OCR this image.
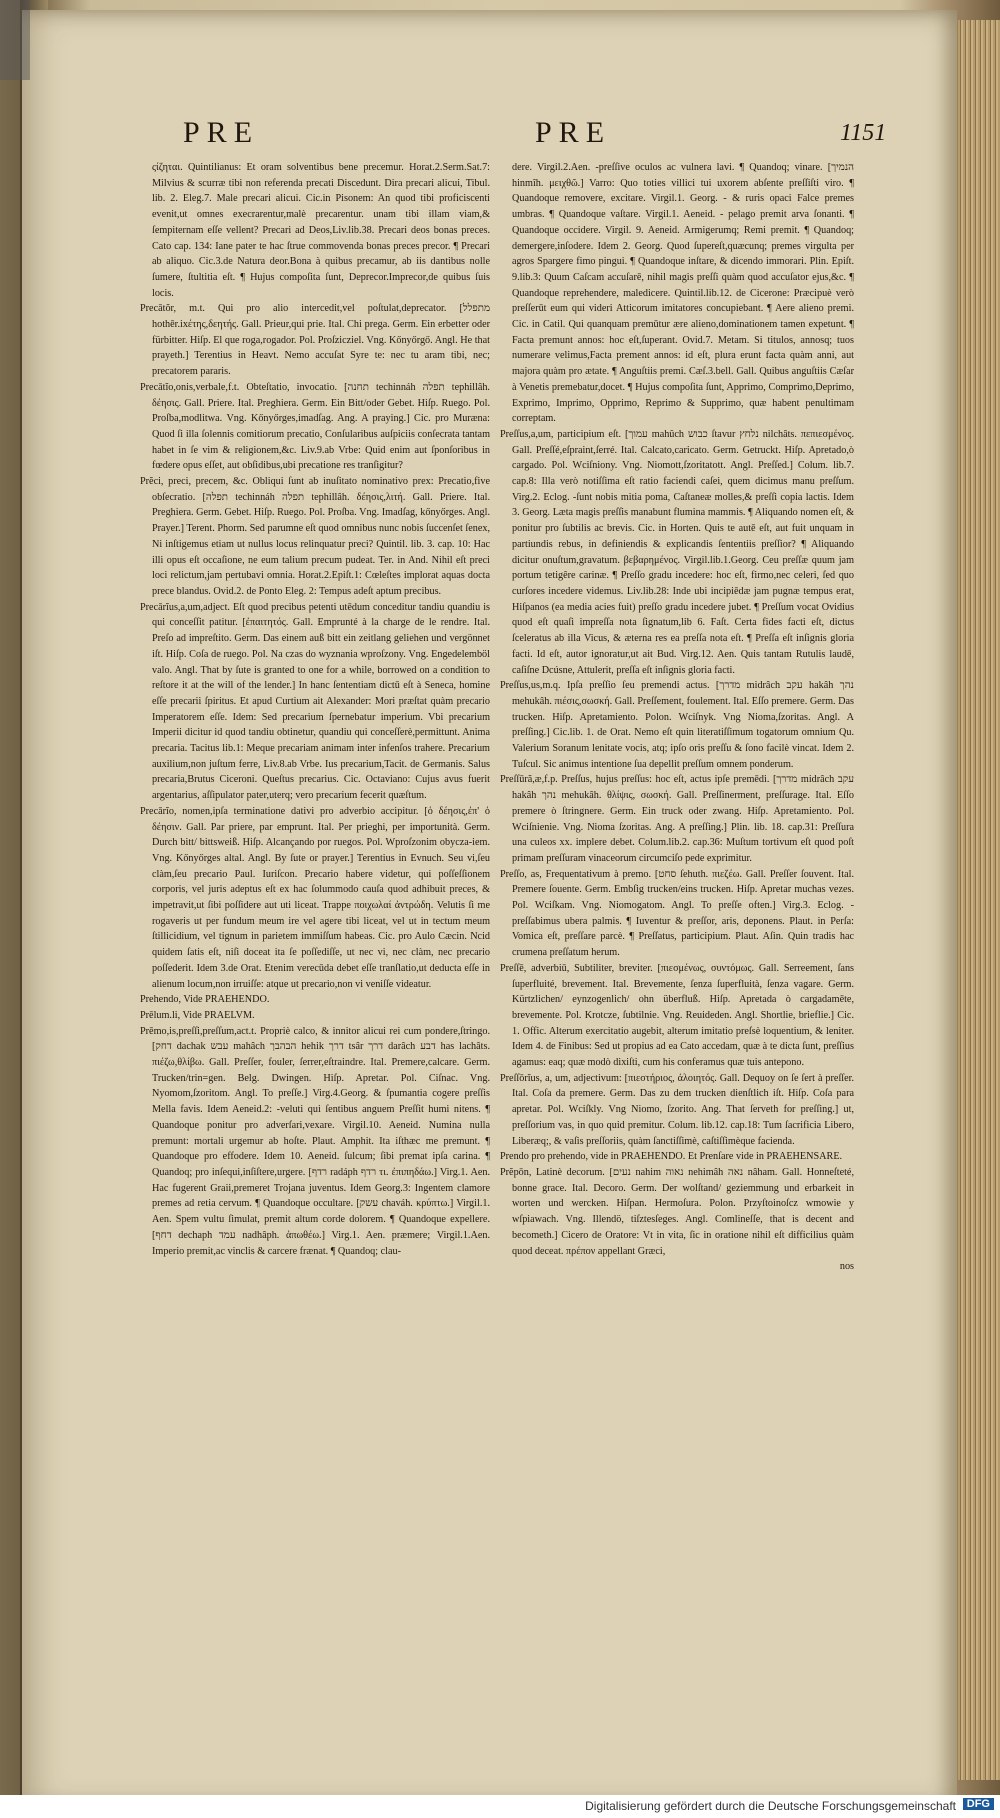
PRE	PRE	1151

ςίζηται. Quintilianus: Et oram solventibus bene precemur. Horat.2.Serm.Sat.7: Milvius & scurræ tibi non referenda precati Discedunt. Dira precari alicui, Tibul. lib. 2. Eleg.7. Male precari alicui. Cic.in Pisonem: An quod tibi proficiscenti evenit,ut omnes execrarentur,malè precarentur. unam tibi illam viam,& ſempiternam eſſe vellent? Precari ad Deos,Liv.lib.38. Precari deos bonas preces. Cato cap. 134: Iane pater te hac ſtrue commovenda bonas preces precor. ¶ Precari ab aliquo. Cic.3.de Natura deor.Bona à quibus precamur, ab iis dantibus nolle ſumere, ſtultitia eſt. ¶ Hujus compoſita ſunt, Deprecor.Imprecor,de quibus ſuis locis.

Precātŏr, m.t. Qui pro alio intercedit,vel poſtulat,deprecator. [מתפלל hothēr.ixέτης,δεητής. Gall. Prieur,qui prie. Ital. Chi prega. Germ. Ein erbetter oder fürbitter. Hiſp. El que roga,rogador. Pol. Proſzicziel. Vng. Kőnyőrgő. Angl. He that prayeth.] Terentius in Heavt. Nemo accuſat Syre te: nec tu aram tibi, nec; precatorem pararis.

Precātĭo,onis,verbale,f.t. Obteſtatio, invocatio. [תחנה techinnáh תפלה tephillâh. δέησις. Gall. Priere. Ital. Preghiera. Germ. Ein Bitt/oder Gebet. Hiſp. Ruego. Pol. Proſba,modlitwa. Vng. Kőnyőrges,imadſag. Ang. A praying.] Cic. pro Muræna: Quod ſi illa ſolennis comitiorum precatio, Conſularibus auſpiciis conſecrata tantam habet in ſe vim & religionem,&c. Liv.9.ab Vrbe: Quid enim aut ſponſoribus in fœdere opus eſſet, aut obſidibus,ubi precatione res tranſigitur?

Prĕci, preci, precem, &c. Obliqui ſunt ab inuſitato nominativo prex: Precatio,five obſecratio. [תפלה techinnáh תפלה tephillâh. δέησις,λιτή. Gall. Priere. Ital. Preghiera. Germ. Gebet. Hiſp. Ruego. Pol. Proſba. Vng. Imadſag, kőnyőrges. Angl. Prayer.] Terent. Phorm. Sed parumne eſt quod omnibus nunc nobis ſuccenſet ſenex, Ni inſtigemus etiam ut nullus locus relinquatur preci? Quintil. lib. 3. cap. 10: Hac illi opus eſt occaſione, ne eum talium precum pudeat. Ter. in And. Nihil eſt preci loci relictum,jam pertubavi omnia. Horat.2.Epiſt.1: Cœleſtes implorat aquas docta prece blandus. Ovid.2. de Ponto Eleg. 2: Tempus adeſt aptum precibus.

Precārĭus,a,um,adject. Eſt quod precibus petenti utēdum conceditur tandiu quandiu is qui conceſſit patitur. [ἐπαιτητός. Gall. Emprunté à la charge de le rendre. Ital. Preſo ad impreſtito. Germ. Das einem auß bitt ein zeitlang geliehen und vergönnet iſt. Hiſp. Coſa de ruego. Pol. Na czas do wyznania wproſzony. Vng. Engedelemböl valo. Angl. That by ſute is granted to one for a while, borrowed on a condition to reſtore it at the will of the lender.] In hanc ſententiam dictū eſt à Seneca, homine eſſe precarii ſpiritus. Et apud Curtium ait Alexander: Mori præſtat quàm precario Imperatorem eſſe. Idem: Sed precarium ſpernebatur imperium. Vbi precarium Imperii dicitur id quod tandiu obtinetur, quandiu qui conceſſerè,permittunt. Anima precaria. Tacitus lib.1: Meque precariam animam inter infenſos trahere. Precarium auxilium,non juſtum ferre, Liv.8.ab Vrbe. Ius precarium,Tacit. de Germanis. Salus precaria,Brutus Ciceroni. Queſtus precarius. Cic. Octaviano: Cujus avus fuerit argentarius, aſſipulator pater,uterq; vero precarium fecerit quæſtum.

Precārĭo, nomen,ipſa terminatione dativi pro adverbio accipitur. [ὁ δέησις,ἐπ' ὁ δέησιν. Gall. Par priere, par emprunt. Ital. Per prieghi, per importunità. Germ. Durch bitt/ bittsweiß. Hiſp. Alcançando por ruegos. Pol. Wproſzonim obycza-iem. Vng. Kőnyőrges altal. Angl. By ſute or prayer.] Terentius in Evnuch. Seu vi,ſeu clàm,ſeu precario Paul. Iuriſcon. Precario habere videtur, qui poſſeſſionem corporis, vel juris adeptus eſt ex hac ſolummodo cauſa quod adhibuit preces, & impetravit,ut ſibi poſſidere aut uti liceat. Trappe ποιχωλαί ἀντρώδη. Velutis ſi me rogaveris ut per fundum meum ire vel agere tibi liceat, vel ut in tectum meum ſtillicidium, vel tignum in parietem immiſſum habeas. Cic. pro Aulo Cæcin. Ncid quidem ſatis eſt, niſi doceat ita ſe poſſediſſe, ut nec vi, nec clàm, nec precario poſſederit. Idem 3.de Orat. Etenim verecūda debet eſſe tranſlatio,ut deducta eſſe in alienum locum,non irruiſſe: atque ut precario,non vi veniſſe videatur.

Prehendo, Vide PRAEHENDO.

Prēlum.li, Vide PRAELVM.

Prēmo,is,preſſi,preſſum,act.t. Propriè calco, & innitor alicui rei cum pondere,ſtringo. [דחק dachak עבש mahâch הבהבך hehik דרך tsâr דרך darâch דבע has lachâts. πιέζω,θλίβω. Gall. Preſſer, fouler, ſerrer,eſtraindre. Ital. Premere,calcare. Germ. Trucken/trin=gen. Belg. Dwingen. Hiſp. Apretar. Pol. Ciſnac. Vng. Nyomom,ſzoritom. Angl. To preſſe.] Virg.4.Georg. & ſpumantia cogere preſſis Mella favis. Idem Aeneid.2: -veluti qui ſentibus anguem Preſſit humi nitens. ¶ Quandoque ponitur pro adverſari,vexare. Virgil.10. Aeneid. Numina nulla premunt: mortali urgemur ab hoſte. Plaut. Amphit. Ita iſthæc me premunt. ¶ Quandoque pro effodere. Idem 10. Aeneid. ſulcum; ſibi premat ipſa carina. ¶ Quandoq; pro inſequi,inſiſtere,urgere. [רדף radáph רדף τι. ἐπιπηδάω.] Virg.1. Aen. Hac fugerent Graii,premeret Trojana juventus. Idem Georg.3: Ingentem clamore premes ad retia cervum. ¶ Quandoque occultare. [עשק chaváh. κρύπτω.] Virgil.1. Aen. Spem vultu ſimulat, premit altum corde dolorem. ¶ Quandoque expellere. [דחף dechaph עמד nadhâph. ἀπωθέω.] Virg.1. Aen. præmere; Virgil.1.Aen. Imperio premit,ac vinclis & carcere frænat. ¶ Quandoq; clau-

dere. Virgil.2.Aen. -preſſive oculos ac vulnera lavi. ¶ Quandoq; vinare. [הנמיך hinmîh. μειχθῶ.] Varro: Quo toties villici tui uxorem abſente preſſiſti viro. ¶ Quandoque removere, excitare. Virgil.1. Georg. - & ruris opaci Falce premes umbras. ¶ Quandoque vaſtare. Virgil.1. Aeneid. - pelago premit arva ſonanti. ¶ Quandoque occidere. Virgil. 9. Aeneid. Armigerumq; Remi premit. ¶ Quandoq; demergere,inſodere. Idem 2. Georg. Quod ſupereſt,quæcunq; premes virgulta per agros Spargere fimo pingui. ¶ Quandoque inſtare, & dicendo immorari. Plin. Epiſt. 9.lib.3: Quum Caſcam accuſarē, nihil magis preſſi quàm quod accuſator ejus,&c. ¶ Quandoque reprehendere, maledicere. Quintil.lib.12. de Cicerone: Præcipuè verò preſſerūt eum qui videri Atticorum imitatores concupiebant. ¶ Aere alieno premi. Cic. in Catil. Qui quanquam premūtur ære alieno,dominationem tamen expetunt. ¶ Facta premunt annos: hoc eſt,ſuperant. Ovid.7. Metam. Si titulos, annosq; tuos numerare velimus,Facta prement annos: id eſt, plura erunt facta quàm anni, aut majora quàm pro ætate. ¶ Anguſtiis premi. Cæſ.3.bell. Gall. Quibus anguſtiis Cæſar à Venetis premebatur,docet. ¶ Hujus compoſita ſunt, Apprimo, Comprimo,Deprimo, Exprimo, Imprimo, Opprimo, Reprimo & Supprimo, quæ habent penultimam correptam.

Preſſus,a,um, participium eſt. [עמוך mahûch כבוש ſtavur נלחץ nilchâts. πεπιεσμένος. Gall. Preſſé,eſpraint,ſerré. Ital. Calcato,caricato. Germ. Getruckt. Hiſp. Apretado,ò cargado. Pol. Wciſniony. Vng. Niomott,ſzoritatott. Angl. Preſſed.] Colum. lib.7. cap.8: Illa verò notiſſima eſt ratio faciendi caſei, quem dicimus manu preſſum. Virg.2. Eclog. -ſunt nobis mitia poma, Caſtaneæ molles,& preſſi copia lactis. Idem 3. Georg. Læta magis preſſis manabunt flumina mammis. ¶ Aliquando nomen eſt, & ponitur pro ſubtilis ac brevis. Cic. in Horten. Quis te autē eſt, aut fuit unquam in partiundis rebus, in definiendis & explicandis ſententiis preſſior? ¶ Aliquando dicitur onuſtum,gravatum. βεβαρημένος. Virgil.lib.1.Georg. Ceu preſſæ quum jam portum tetigêre carinæ. ¶ Preſſo gradu incedere: hoc eſt, firmo,nec celeri, ſed quo curſores incedere videmus. Liv.lib.28: Inde ubi incipiēdæ jam pugnæ tempus erat, Hiſpanos (ea media acies fuit) preſſo gradu incedere jubet. ¶ Preſſum vocat Ovidius quod eſt quaſi impreſſa nota ſignatum,lib 6. Faſt. Certa fides facti eſt, dictus ſceleratus ab illa Vicus, & æterna res ea preſſa nota eſt. ¶ Preſſa eſt inſignis gloria facti. Id eſt, autor ignoratur,ut ait Bud. Virg.12. Aen. Quis tantam Rutulis laudē, caſiſne Dcúsne, Attulerit, preſſa eſt inſignis gloria facti.

Preſſus,us,m.q. Ipſa preſſio ſeu premendi actus. [מדרך midrâch עקב hakâh נהך mehukâh. πιέσις,σωσκή. Gall. Preſſement, foulement. Ital. Eſſo premere. Germ. Das trucken. Hiſp. Apretamiento. Polon. Wciſnyk. Vng Nioma,ſzoritas. Angl. A preſſing.] Cic.lib. 1. de Orat. Nemo eſt quin literatiſſimum togatorum omnium Qu. Valerium Soranum lenitate vocis, atq; ipſo oris preſſu & ſono facilè vincat. Idem 2. Tuſcul. Sic animus intentione ſua depellit preſſum omnem ponderum.

Preſſūră,æ,f.p. Preſſus, hujus preſſus: hoc eſt, actus ipſe premēdi. [מדרך midrâch עקב hakâh נהך mehukâh. θλίψις, σωσκή. Gall. Preſſinerment, preſſurage. Ital. Eſſo premere ò ſtringnere. Germ. Ein truck oder zwang. Hiſp. Apretamiento. Pol. Wciſnienie. Vng. Nioma ſzoritas. Ang. A preſſing.] Plin. lib. 18. cap.31: Preſſura una culeos xx. implere debet. Colum.lib.2. cap.36: Muſtum tortivum eſt quod poſt primam preſſuram vinaceorum circumciſo pede exprimitur.

Preſſo, as, Frequentativum à premo. [סחט ſehuth. πιεζέω. Gall. Preſſer ſouvent. Ital. Premere ſouente. Germ. Embſig trucken/eins trucken. Hiſp. Apretar muchas vezes. Pol. Wciſkam. Vng. Niomogatom. Angl. To preſſe often.] Virg.3. Eclog. -preſſabimus ubera palmis. ¶ Iuventur & preſſor, aris, deponens. Plaut. in Perſa: Vomica eſt, preſſare parcè. ¶ Preſſatus, participium. Plaut. Aſin. Quin tradis hac crumena preſſatum herum.

Preſſē, adverbiū, Subtiliter, breviter. [πιεσμένως, συντόμως. Gall. Serreement, ſans ſuperfluité, brevement. Ital. Brevemente, ſenza ſuperfluità, ſenza vagare. Germ. Kürtzlichen/ eynzogenlich/ ohn überfluß. Hiſp. Apretada ò cargadamēte, brevemente. Pol. Krotcze, ſubtilnie. Vng. Reuideden. Angl. Shortlie, brieflie.] Cic. 1. Offic. Alterum exercitatio augebit, alterum imitatio preſsè loquentium, & leniter. Idem 4. de Finibus: Sed ut propius ad ea Cato accedam, quæ à te dicta ſunt, preſſius agamus: eaq; quæ modò dixiſti, cum his conferamus quæ tuis antepono.

Preſſōrĭus, a, um, adjectivum: [πιεστήριος, ἀλοιητός. Gall. Dequoy on ſe ſert à preſſer. Ital. Coſa da premere. Germ. Das zu dem trucken dienſtlich iſt. Hiſp. Coſa para apretar. Pol. Wciſkly. Vng Niomo, ſzorito. Ang. That ſerveth for preſſing.] ut, preſſorium vas, in quo quid premitur. Colum. lib.12. cap.18: Tum ſacrificia Libero, Liberæq;, & vaſis preſſoriis, quàm ſanctiſſimè, caſtiſſimèque facienda.

Prendo pro prehendo, vide in PRAEHENDO. Et Prenſare vide in PRAEHENSARE.

Prĕpōn, Latinè decorum. [נעים nahim נאוה nehimâh נאה nâham. Gall. Honneſteté, bonne grace. Ital. Decoro. Germ. Der wolſtand/ geziemmung und erbarkeit in worten und wercken. Hiſpan. Hermoſura. Polon. Przyſtoinoſcz wmowie y wſpiawach. Vng. Illendö, tiſztesſeges. Angl. Comlineſſe, that is decent and becometh.] Cicero de Oratore: Vt in vita, ſic in oratione nihil eſt difficilius quàm quod deceat. πρέπον appellant Græci,

nos

Digitalisierung gefördert durch die Deutsche Forschungsgemeinschaft DFG
